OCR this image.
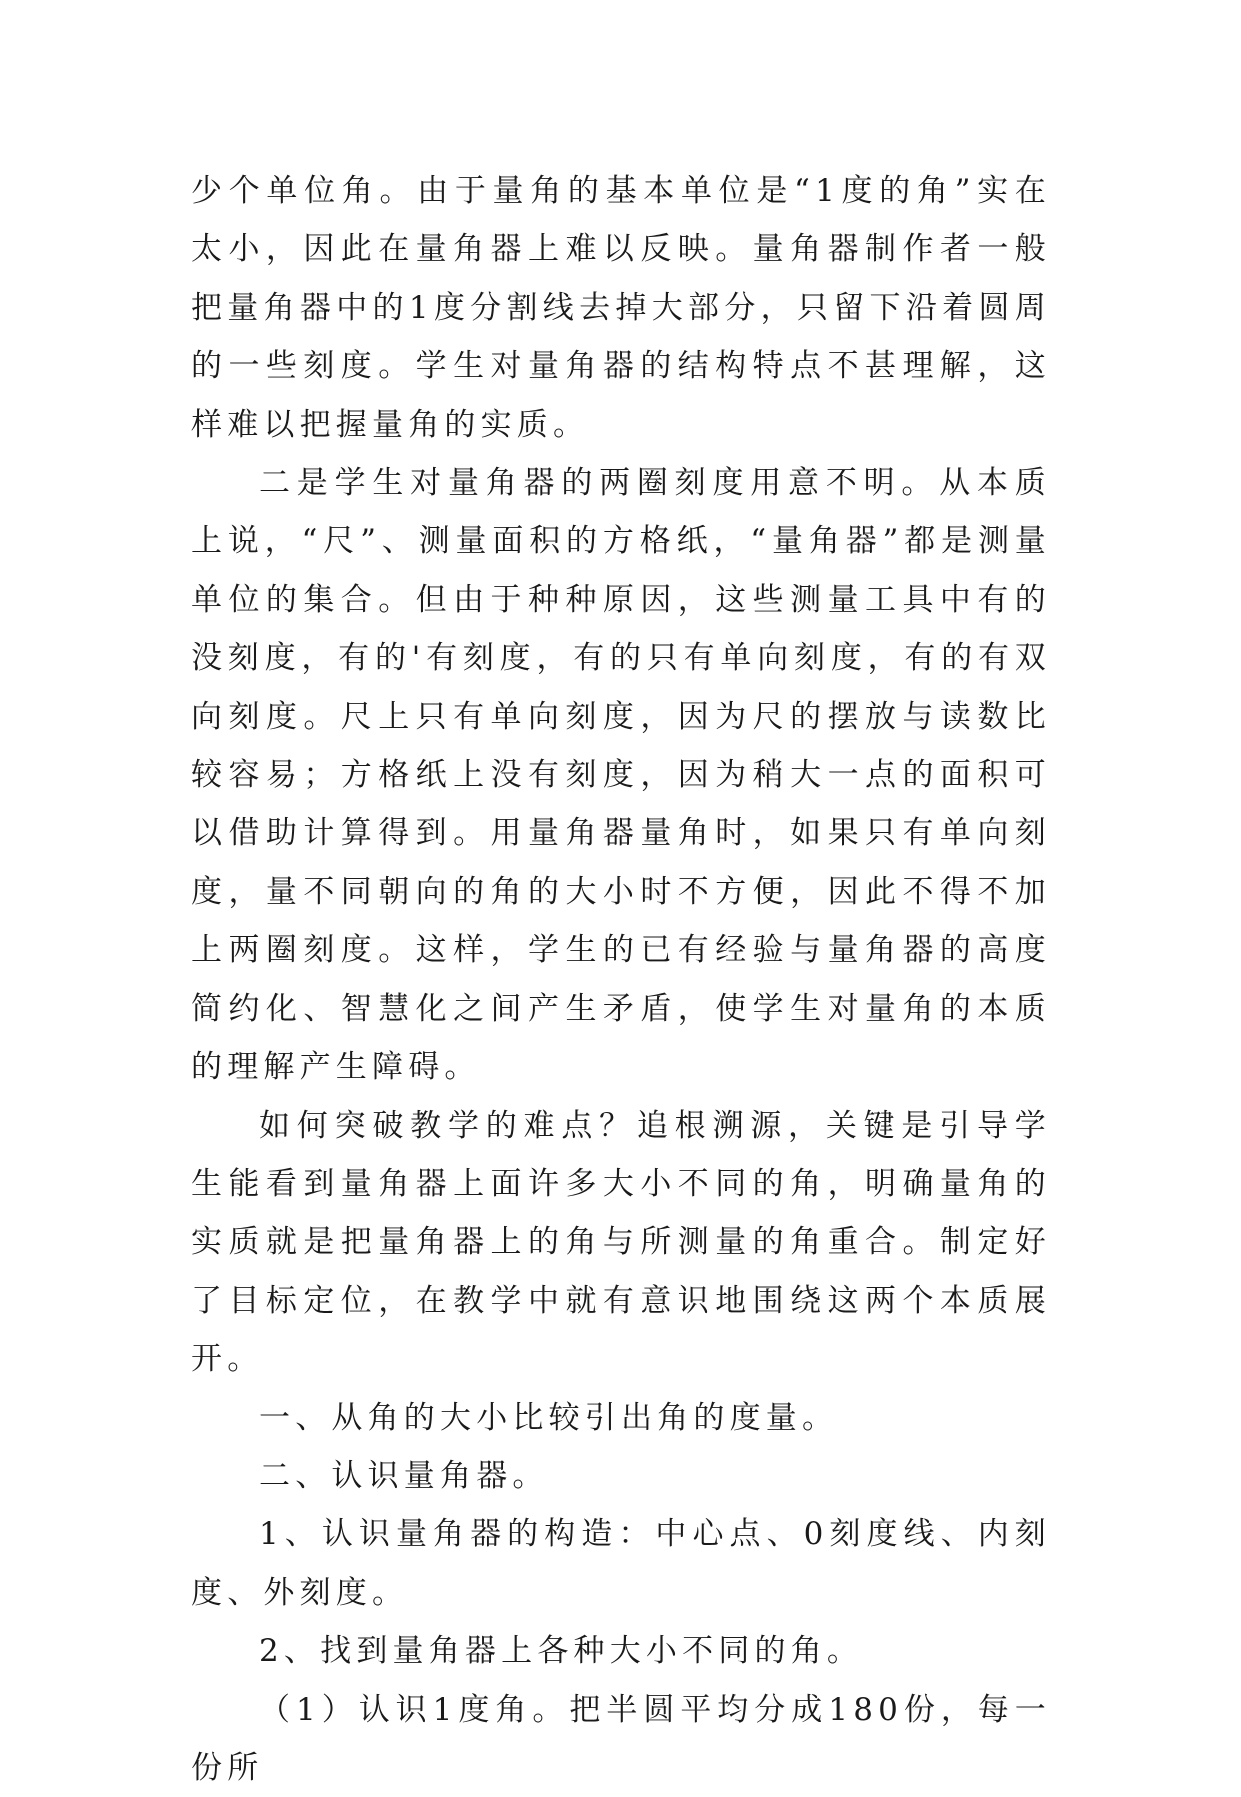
少个单位角。由于量角的基本单位是“1度的角”实在太小，因此在量角器上难以反映。量角器制作者一般把量角器中的1度分割线去掉大部分，只留下沿着圆周的一些刻度。学生对量角器的结构特点不甚理解，这样难以把握量角的实质。

二是学生对量角器的两圈刻度用意不明。从本质上说，“尺”、测量面积的方格纸，“量角器”都是测量单位的集合。但由于种种原因，这些测量工具中有的没刻度，有的'有刻度，有的只有单向刻度，有的有双向刻度。尺上只有单向刻度，因为尺的摆放与读数比较容易；方格纸上没有刻度，因为稍大一点的面积可以借助计算得到。用量角器量角时，如果只有单向刻度，量不同朝向的角的大小时不方便，因此不得不加上两圈刻度。这样，学生的已有经验与量角器的高度简约化、智慧化之间产生矛盾，使学生对量角的本质的理解产生障碍。

如何突破教学的难点？追根溯源，关键是引导学生能看到量角器上面许多大小不同的角，明确量角的实质就是把量角器上的角与所测量的角重合。制定好了目标定位，在教学中就有意识地围绕这两个本质展开。

一、从角的大小比较引出角的度量。

二、认识量角器。

1、认识量角器的构造：中心点、0刻度线、内刻度、外刻度。

2、找到量角器上各种大小不同的角。

（1）认识1度角。把半圆平均分成180份，每一份所
